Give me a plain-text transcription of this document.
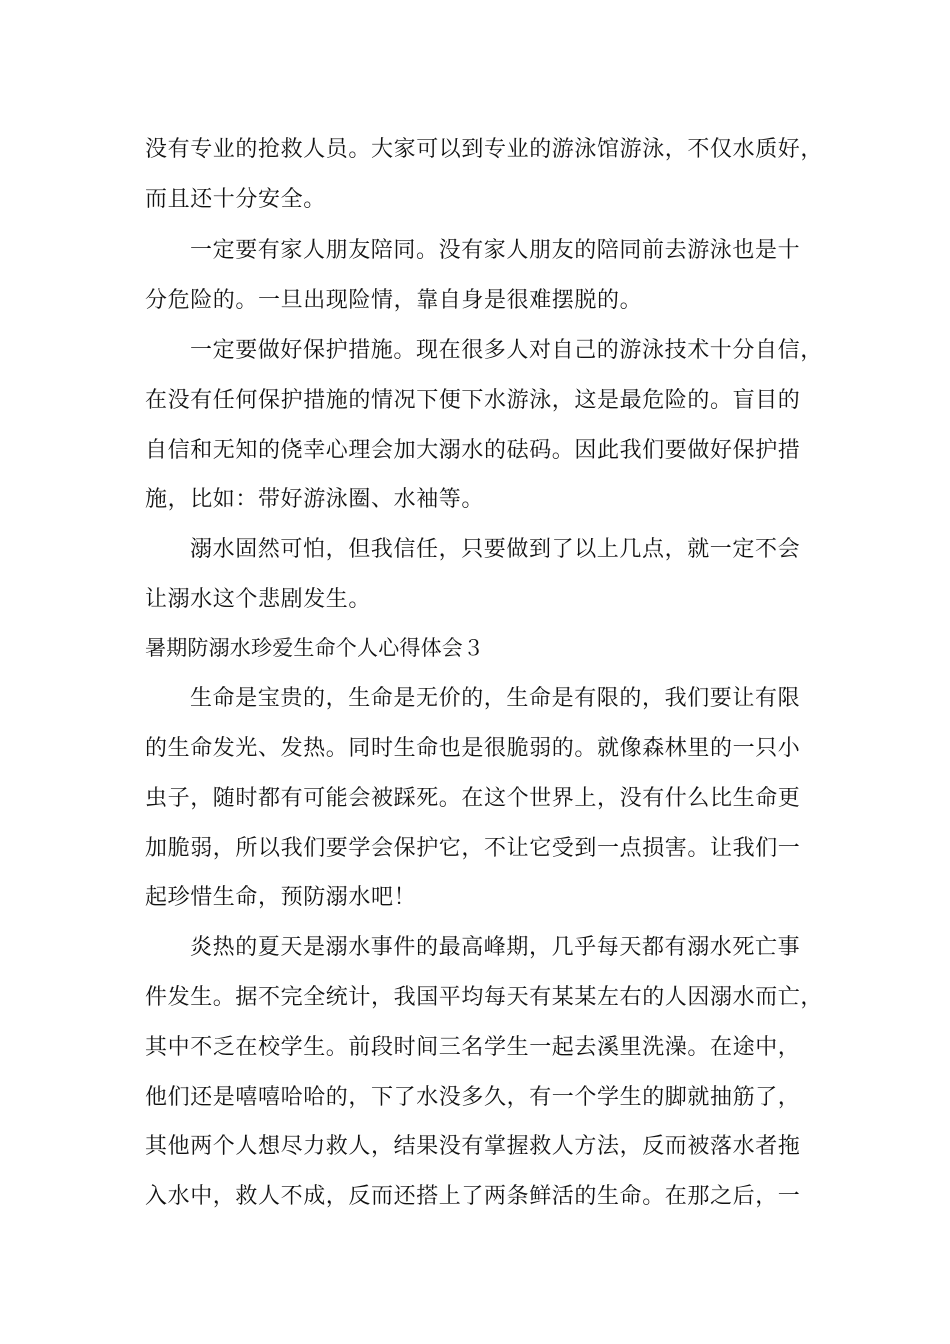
没有专业的抢救人员。大家可以到专业的游泳馆游泳，不仅水质好，
而且还十分安全。
一定要有家人朋友陪同。没有家人朋友的陪同前去游泳也是十
分危险的。一旦出现险情，靠自身是很难摆脱的。
一定要做好保护措施。现在很多人对自己的游泳技术十分自信，
在没有任何保护措施的情况下便下水游泳，这是最危险的。盲目的
自信和无知的侥幸心理会加大溺水的砝码。因此我们要做好保护措
施，比如：带好游泳圈、水袖等。
溺水固然可怕，但我信任，只要做到了以上几点，就一定不会
让溺水这个悲剧发生。
暑期防溺水珍爱生命个人心得体会３
生命是宝贵的，生命是无价的，生命是有限的，我们要让有限
的生命发光、发热。同时生命也是很脆弱的。就像森林里的一只小
虫子，随时都有可能会被踩死。在这个世界上，没有什么比生命更
加脆弱，所以我们要学会保护它，不让它受到一点损害。让我们一
起珍惜生命，预防溺水吧！
炎热的夏天是溺水事件的最高峰期，几乎每天都有溺水死亡事
件发生。据不完全统计，我国平均每天有某某左右的人因溺水而亡，
其中不乏在校学生。前段时间三名学生一起去溪里洗澡。在途中，
他们还是嘻嘻哈哈的，下了水没多久，有一个学生的脚就抽筋了，
其他两个人想尽力救人，结果没有掌握救人方法，反而被落水者拖
入水中，救人不成，反而还搭上了两条鲜活的生命。在那之后，一
